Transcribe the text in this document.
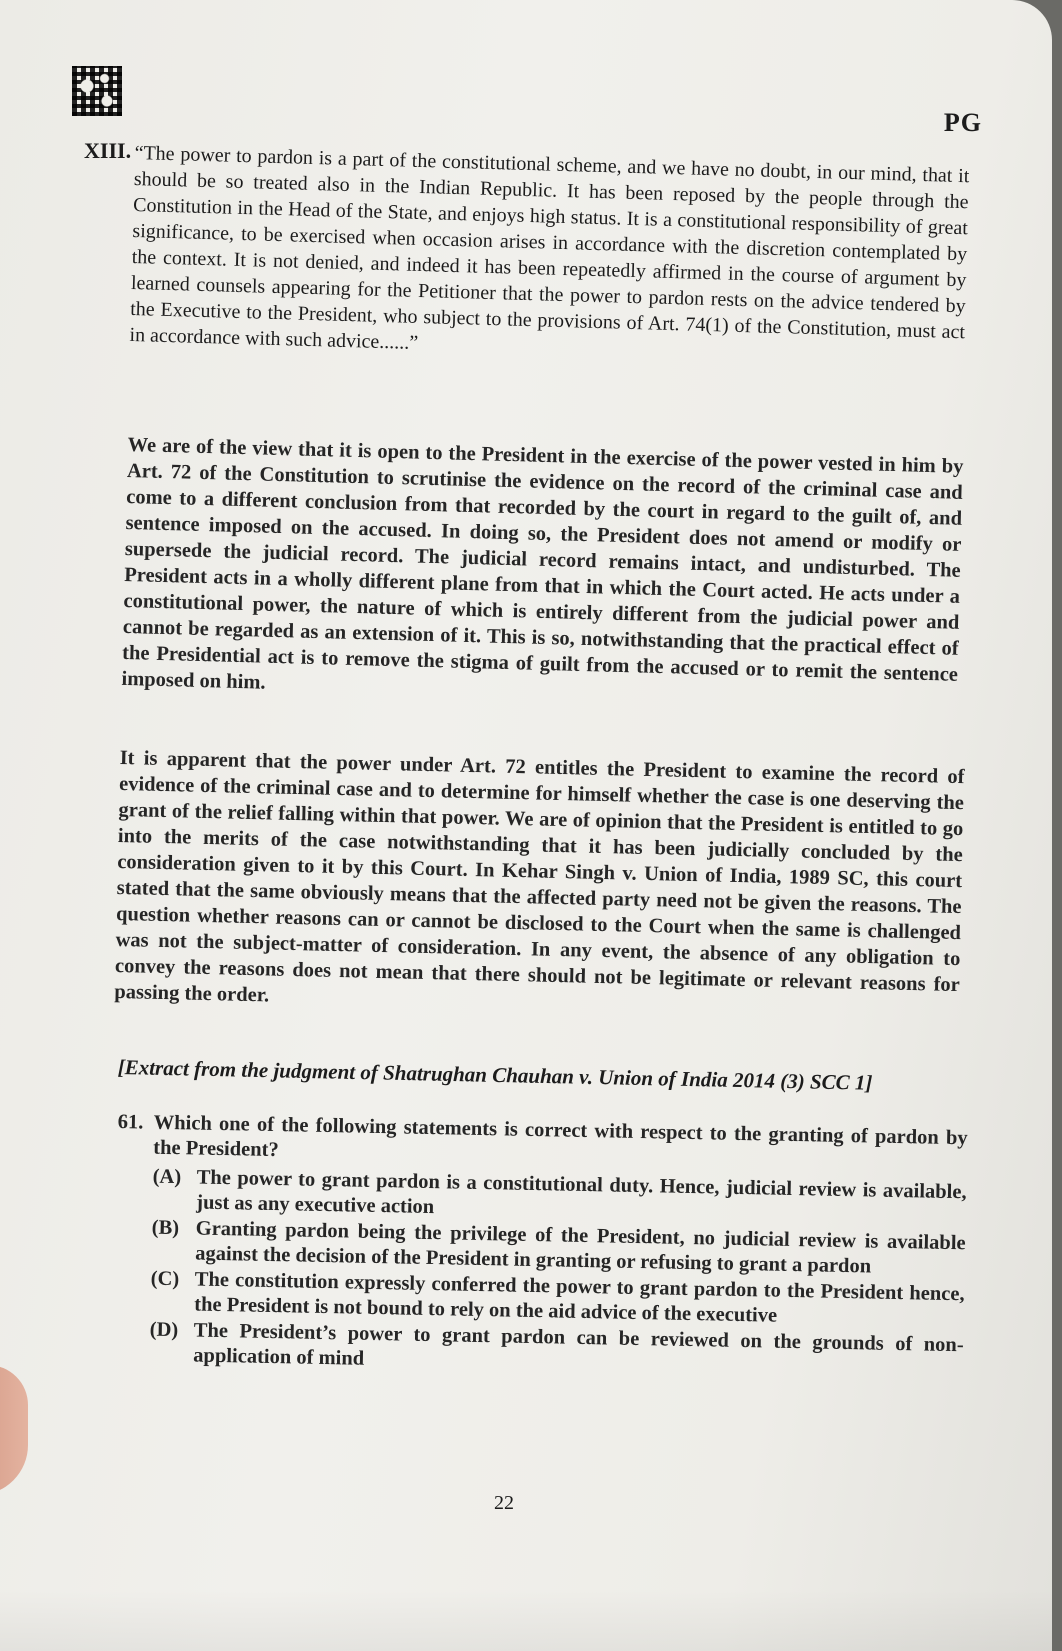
PG
XIII. “The power to pardon is a part of the constitutional scheme, and we have no doubt, in our mind, that it should be so treated also in the Indian Republic. It has been reposed by the people through the Constitution in the Head of the State, and enjoys high status. It is a constitutional responsibility of great significance, to be exercised when occasion arises in accordance with the discretion contemplated by the context. It is not denied, and indeed it has been repeatedly affirmed in the course of argument by learned counsels appearing for the Petitioner that the power to pardon rests on the advice tendered by the Executive to the President, who subject to the provisions of Art. 74(1) of the Constitution, must act in accordance with such advice......”
We are of the view that it is open to the President in the exercise of the power vested in him by Art. 72 of the Constitution to scrutinise the evidence on the record of the criminal case and come to a different conclusion from that recorded by the court in regard to the guilt of, and sentence imposed on the accused. In doing so, the President does not amend or modify or supersede the judicial record. The judicial record remains intact, and undisturbed. The President acts in a wholly different plane from that in which the Court acted. He acts under a constitutional power, the nature of which is entirely different from the judicial power and cannot be regarded as an extension of it. This is so, notwithstanding that the practical effect of the Presidential act is to remove the stigma of guilt from the accused or to remit the sentence imposed on him.
It is apparent that the power under Art. 72 entitles the President to examine the record of evidence of the criminal case and to determine for himself whether the case is one deserving the grant of the relief falling within that power. We are of opinion that the President is entitled to go into the merits of the case notwithstanding that it has been judicially concluded by the consideration given to it by this Court. In Kehar Singh v. Union of India, 1989 SC, this court stated that the same obviously means that the affected party need not be given the reasons. The question whether reasons can or cannot be disclosed to the Court when the same is challenged was not the subject-matter of consideration. In any event, the absence of any obligation to convey the reasons does not mean that there should not be legitimate or relevant reasons for passing the order.
[Extract from the judgment of Shatrughan Chauhan v. Union of India 2014 (3) SCC 1]
61. Which one of the following statements is correct with respect to the granting of pardon by the President?
(A) The power to grant pardon is a constitutional duty. Hence, judicial review is available, just as any executive action
(B) Granting pardon being the privilege of the President, no judicial review is available against the decision of the President in granting or refusing to grant a pardon
(C) The constitution expressly conferred the power to grant pardon to the President hence, the President is not bound to rely on the aid advice of the executive
(D) The President’s power to grant pardon can be reviewed on the grounds of non-application of mind
22
